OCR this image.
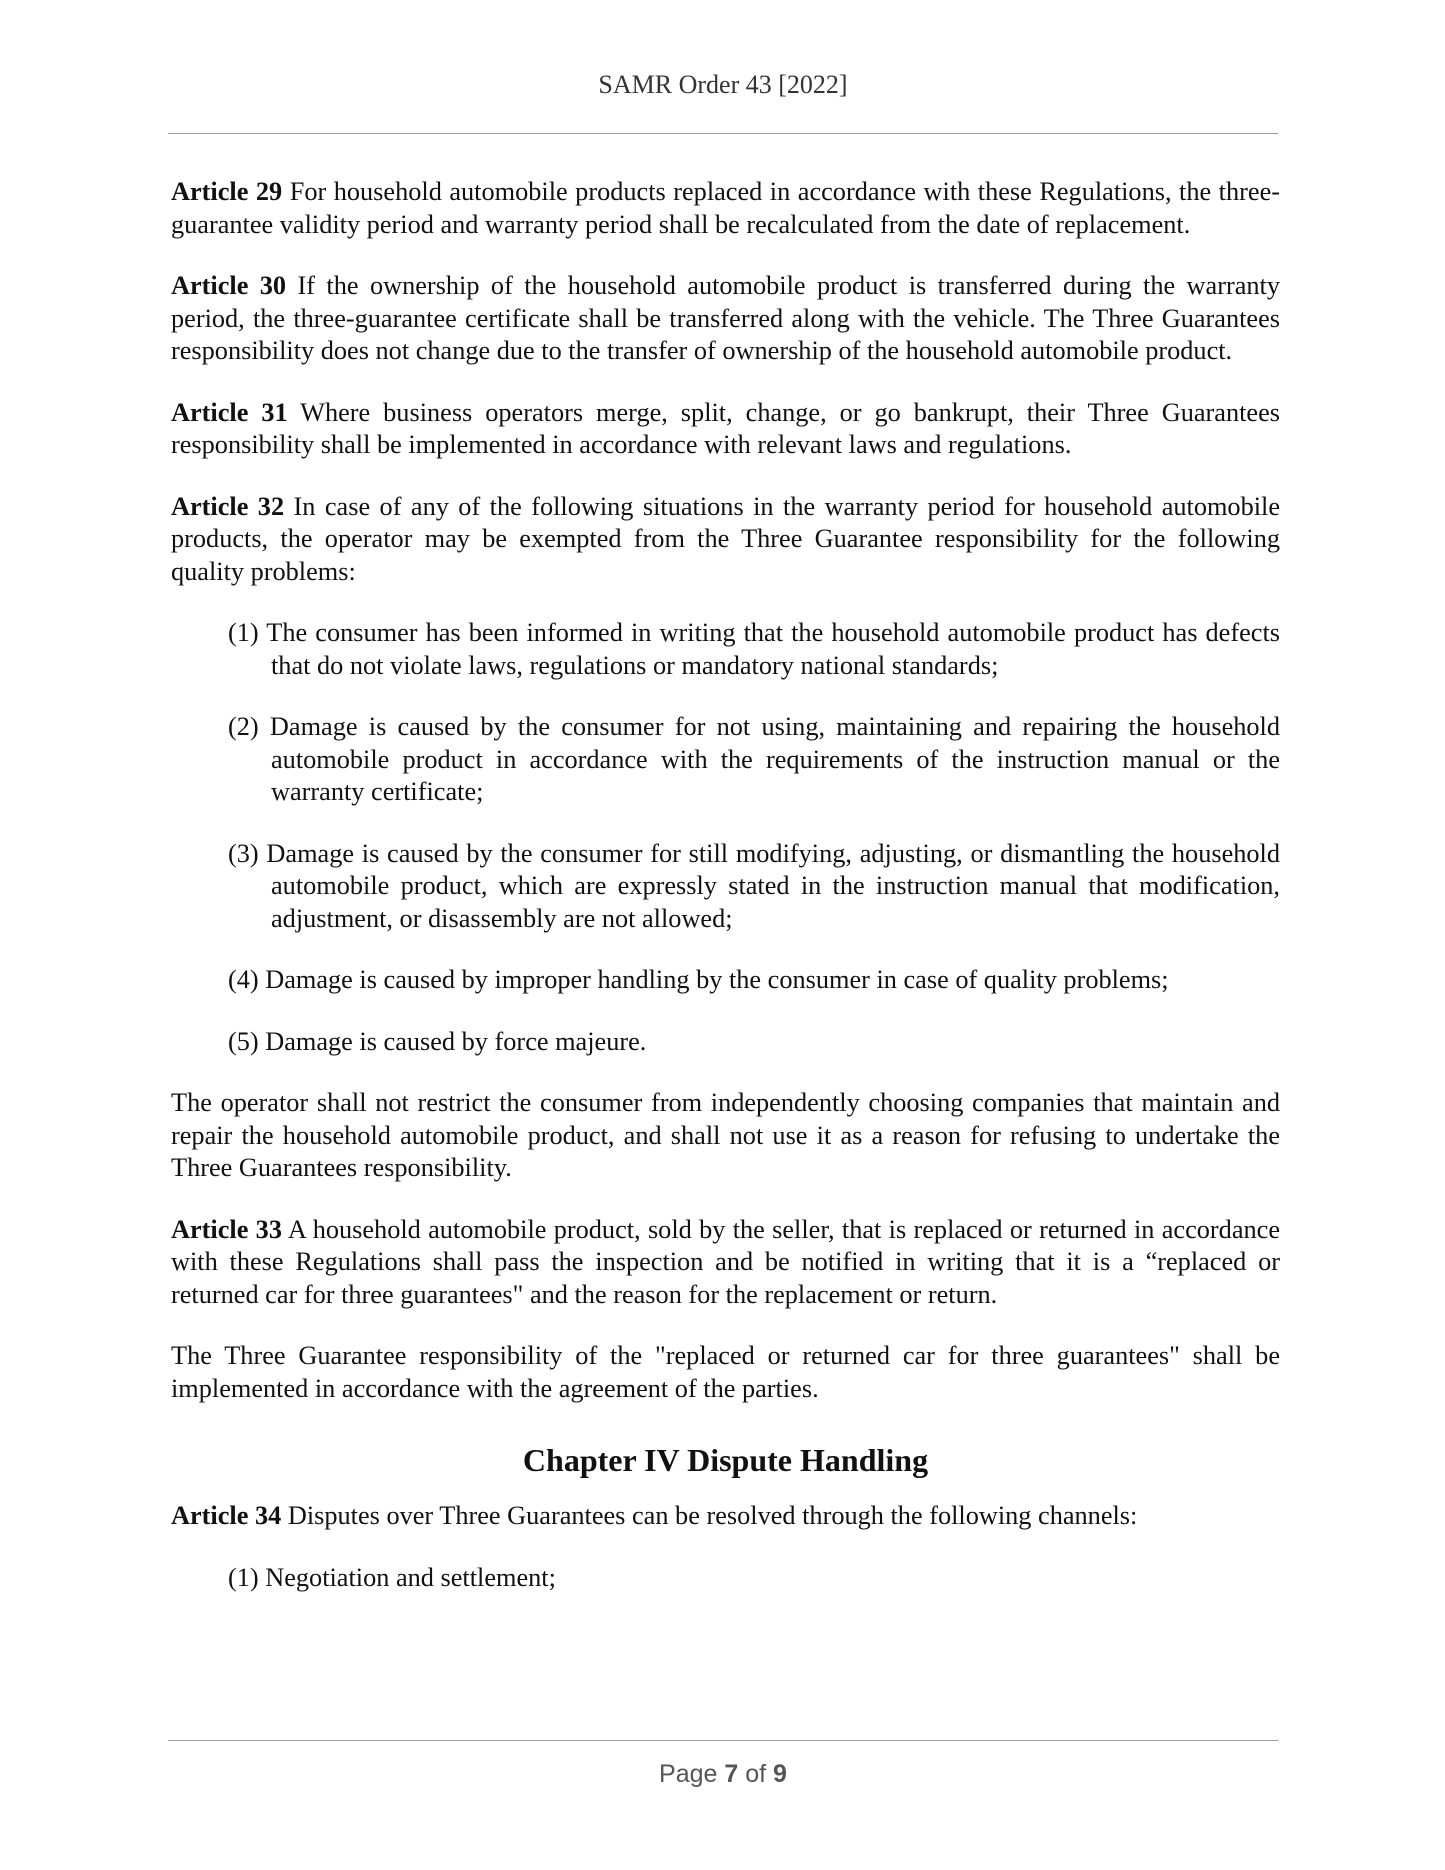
SAMR Order 43 [2022]

Article 29 For household automobile products replaced in accordance with these Regulations, the three-guarantee validity period and warranty period shall be recalculated from the date of replacement.

Article 30 If the ownership of the household automobile product is transferred during the warranty period, the three-guarantee certificate shall be transferred along with the vehicle. The Three Guarantees responsibility does not change due to the transfer of ownership of the household automobile product.

Article 31 Where business operators merge, split, change, or go bankrupt, their Three Guarantees responsibility shall be implemented in accordance with relevant laws and regulations.

Article 32 In case of any of the following situations in the warranty period for household automobile products, the operator may be exempted from the Three Guarantee responsibility for the following quality problems:

(1) The consumer has been informed in writing that the household automobile product has defects that do not violate laws, regulations or mandatory national standards;
(2) Damage is caused by the consumer for not using, maintaining and repairing the household automobile product in accordance with the requirements of the instruction manual or the warranty certificate;
(3) Damage is caused by the consumer for still modifying, adjusting, or dismantling the household automobile product, which are expressly stated in the instruction manual that modification, adjustment, or disassembly are not allowed;
(4) Damage is caused by improper handling by the consumer in case of quality problems;
(5) Damage is caused by force majeure.

The operator shall not restrict the consumer from independently choosing companies that maintain and repair the household automobile product, and shall not use it as a reason for refusing to undertake the Three Guarantees responsibility.

Article 33 A household automobile product, sold by the seller, that is replaced or returned in accordance with these Regulations shall pass the inspection and be notified in writing that it is a “replaced or returned car for three guarantees" and the reason for the replacement or return.

The Three Guarantee responsibility of the "replaced or returned car for three guarantees" shall be implemented in accordance with the agreement of the parties.

Chapter IV Dispute Handling

Article 34 Disputes over Three Guarantees can be resolved through the following channels:

(1) Negotiation and settlement;
Page 7 of 9
